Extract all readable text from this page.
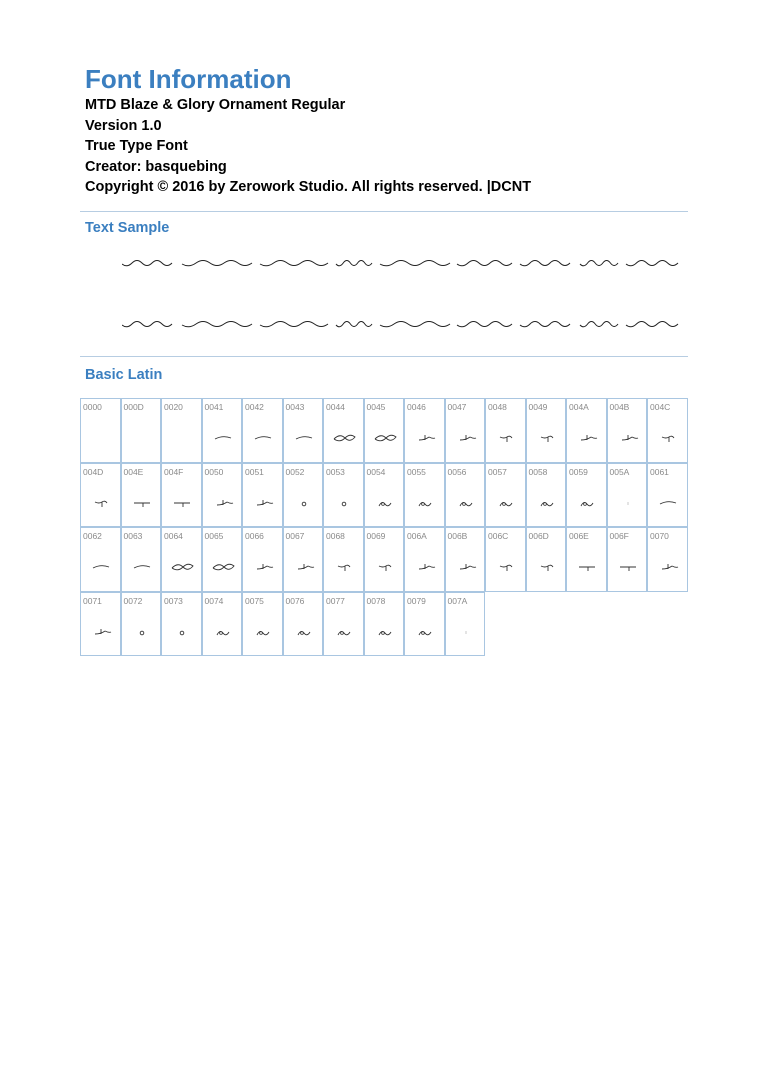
Font Information
MTD Blaze & Glory Ornament Regular
Version 1.0
True Type Font
Creator: basquebing
Copyright © 2016 by Zerowork Studio. All rights reserved. |DCNT
Text Sample
Basic Latin
0000	000D 0020	0041	0042	0043	0044	0045	0046	0047	0048	0049	004A 004B 004C
004D 004E 004F 0050	0051	0052	0053	0054	0055	0056	0057	0058	0059	005A 0061
0062	0063	0064	0065	0066	0067	0068	0069	006A 006B 006C 006D 006E 006F 0070
0071	0072	0073	0074	0075	0076	0077	0078	0079	007A
